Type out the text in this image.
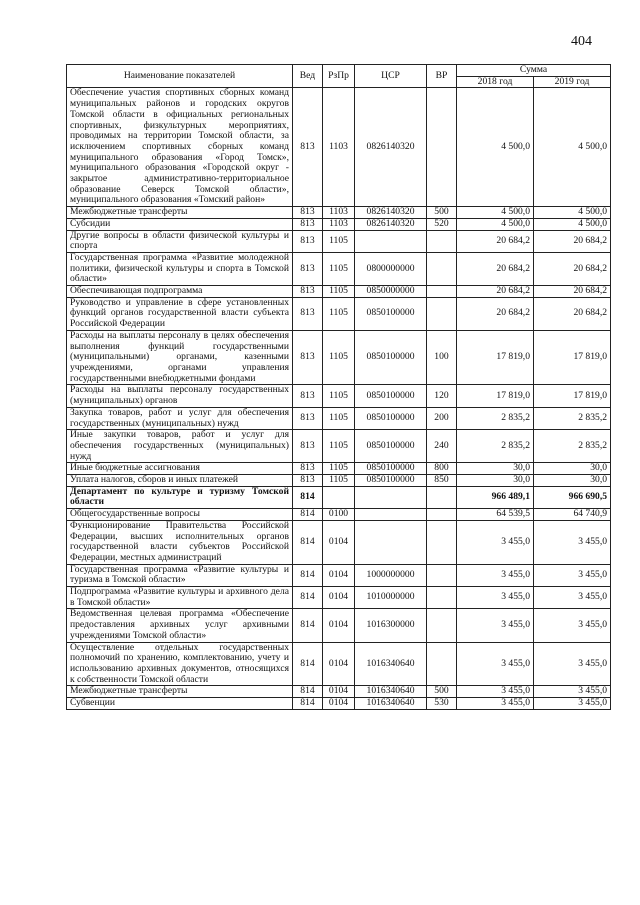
404
Наименование показателей	Вед	РзПр	ЦСР	ВР	Сумма	
					2018 год	2019 год
Обеспечение участия спортивных сборных команд муниципальных районов и городских округов Томской области в официальных региональных спортивных, физкультурных мероприятиях, проводимых на территории Томской области, за исключением спортивных сборных команд муниципального образования «Город Томск», муниципального образования «Городской округ - закрытое административно-территориальное образование Северск Томской области», муниципального образования «Томский район»	813	1103	0826140320		4 500,0	4 500,0
Межбюджетные трансферты	813	1103	0826140320	500	4 500,0	4 500,0
Субсидии	813	1103	0826140320	520	4 500,0	4 500,0
Другие вопросы в области физической культуры и спорта	813	1105			20 684,2	20 684,2
Государственная программа «Развитие молодежной политики, физической культуры и спорта в Томской области»	813	1105	0800000000		20 684,2	20 684,2
Обеспечивающая подпрограмма	813	1105	0850000000		20 684,2	20 684,2
Руководство и управление в сфере установленных функций органов государственной власти субъекта Российской Федерации	813	1105	0850100000		20 684,2	20 684,2
Расходы на выплаты персоналу в целях обеспечения выполнения функций государственными (муниципальными) органами, казенными учреждениями, органами управления государственными внебюджетными фондами	813	1105	0850100000	100	17 819,0	17 819,0
Расходы на выплаты персоналу государственных (муниципальных) органов	813	1105	0850100000	120	17 819,0	17 819,0
Закупка товаров, работ и услуг для обеспечения государственных (муниципальных) нужд	813	1105	0850100000	200	2 835,2	2 835,2
Иные закупки товаров, работ и услуг для обеспечения государственных (муниципальных) нужд	813	1105	0850100000	240	2 835,2	2 835,2
Иные бюджетные ассигнования	813	1105	0850100000	800	30,0	30,0
Уплата налогов, сборов и иных платежей	813	1105	0850100000	850	30,0	30,0
Департамент по культуре и туризму Томской области	814				966 489,1	966 690,5
Общегосударственные вопросы	814	0100			64 539,5	64 740,9
Функционирование Правительства Российской Федерации, высших исполнительных органов государственной власти субъектов Российской Федерации, местных администраций	814	0104			3 455,0	3 455,0
Государственная программа «Развитие культуры и туризма в Томской области»	814	0104	1000000000		3 455,0	3 455,0
Подпрограмма «Развитие культуры и архивного дела в Томской области»	814	0104	1010000000		3 455,0	3 455,0
Ведомственная целевая программа «Обеспечение предоставления архивных услуг архивными учреждениями Томской области»	814	0104	1016300000		3 455,0	3 455,0
Осуществление отдельных государственных полномочий по хранению, комплектованию, учету и использованию архивных документов, относящихся к собственности Томской области	814	0104	1016340640		3 455,0	3 455,0
Межбюджетные трансферты	814	0104	1016340640	500	3 455,0	3 455,0
Субвенции	814	0104	1016340640	530	3 455,0	3 455,0
